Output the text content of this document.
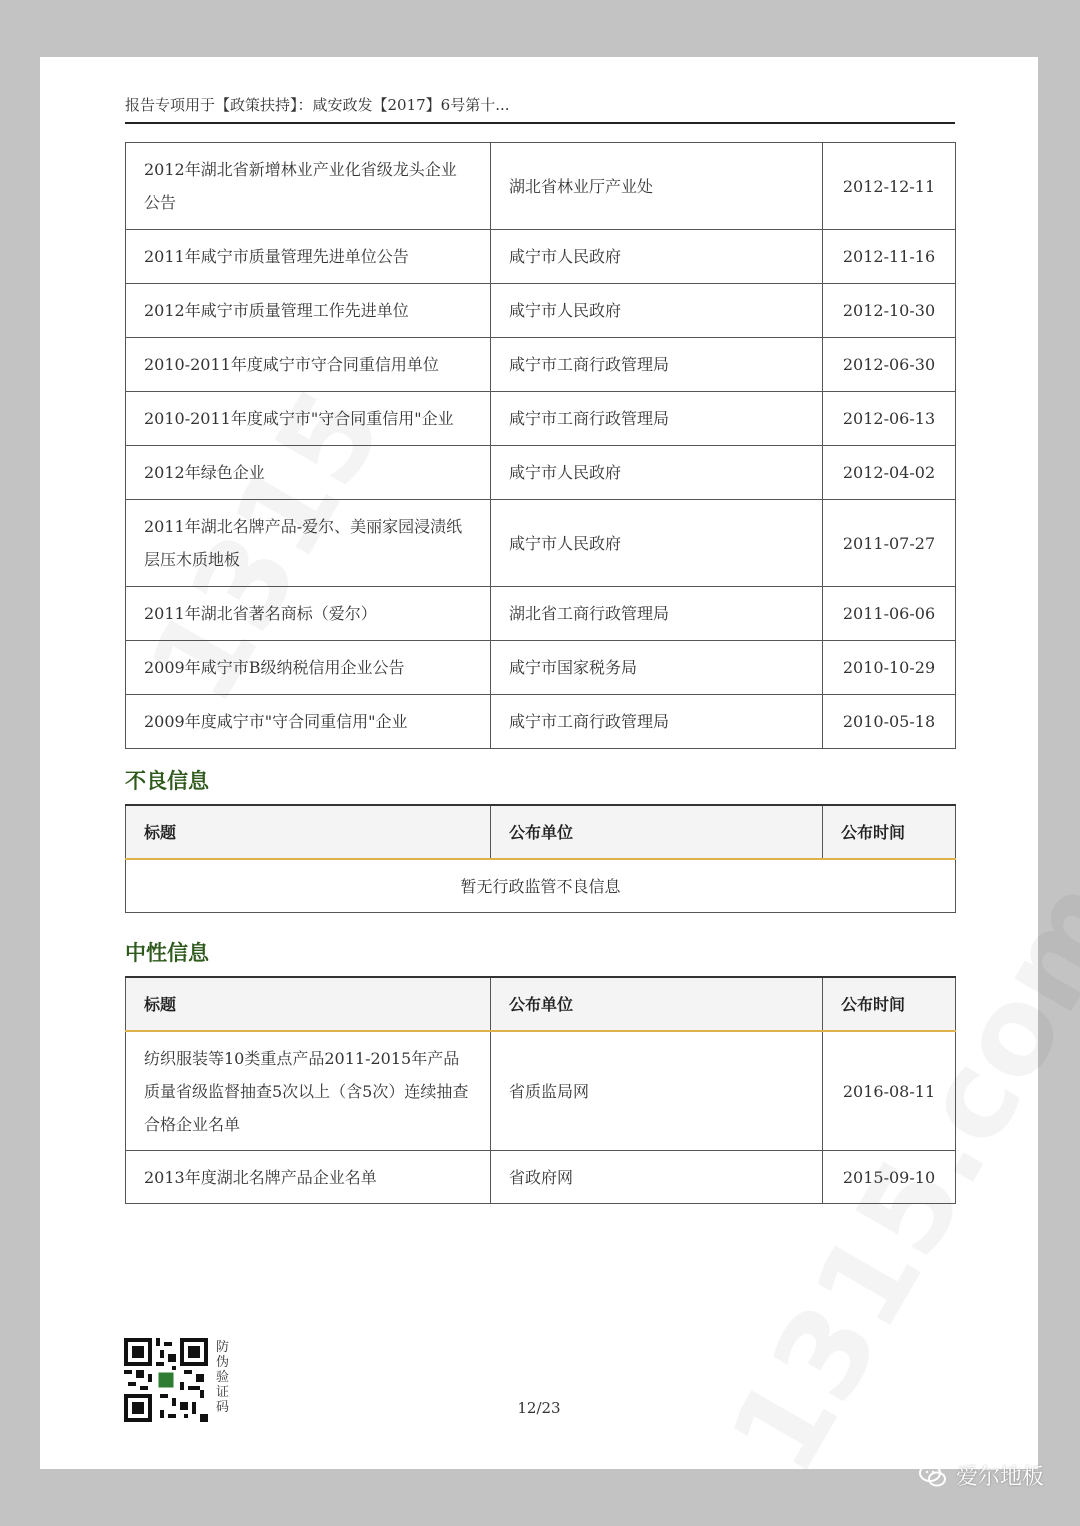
报告专项用于【政策扶持】：咸安政发【2017】6号第十...
2012年湖北省新增林业产业化省级龙头企业公告	湖北省林业厅产业处	2012-12-11
2011年咸宁市质量管理先进单位公告	咸宁市人民政府	2012-11-16
2012年咸宁市质量管理工作先进单位	咸宁市人民政府	2012-10-30
2010-2011年度咸宁市守合同重信用单位	咸宁市工商行政管理局	2012-06-30
2010-2011年度咸宁市"守合同重信用"企业	咸宁市工商行政管理局	2012-06-13
2012年绿色企业	咸宁市人民政府	2012-04-02
2011年湖北名牌产品-爱尔、美丽家园浸渍纸层压木质地板	咸宁市人民政府	2011-07-27
2011年湖北省著名商标（爱尔）	湖北省工商行政管理局	2011-06-06
2009年咸宁市B级纳税信用企业公告	咸宁市国家税务局	2010-10-29
2009年度咸宁市"守合同重信用"企业	咸宁市工商行政管理局	2010-05-18
不良信息
标题	公布单位	公布时间
暂无行政监管不良信息
中性信息
标题	公布单位	公布时间
纺织服装等10类重点产品2011-2015年产品质量省级监督抽查5次以上（含5次）连续抽查合格企业名单	省质监局网	2016-08-11
2013年度湖北名牌产品企业名单	省政府网	2015-09-10
防伪验证码	12/23
爱尔地板
